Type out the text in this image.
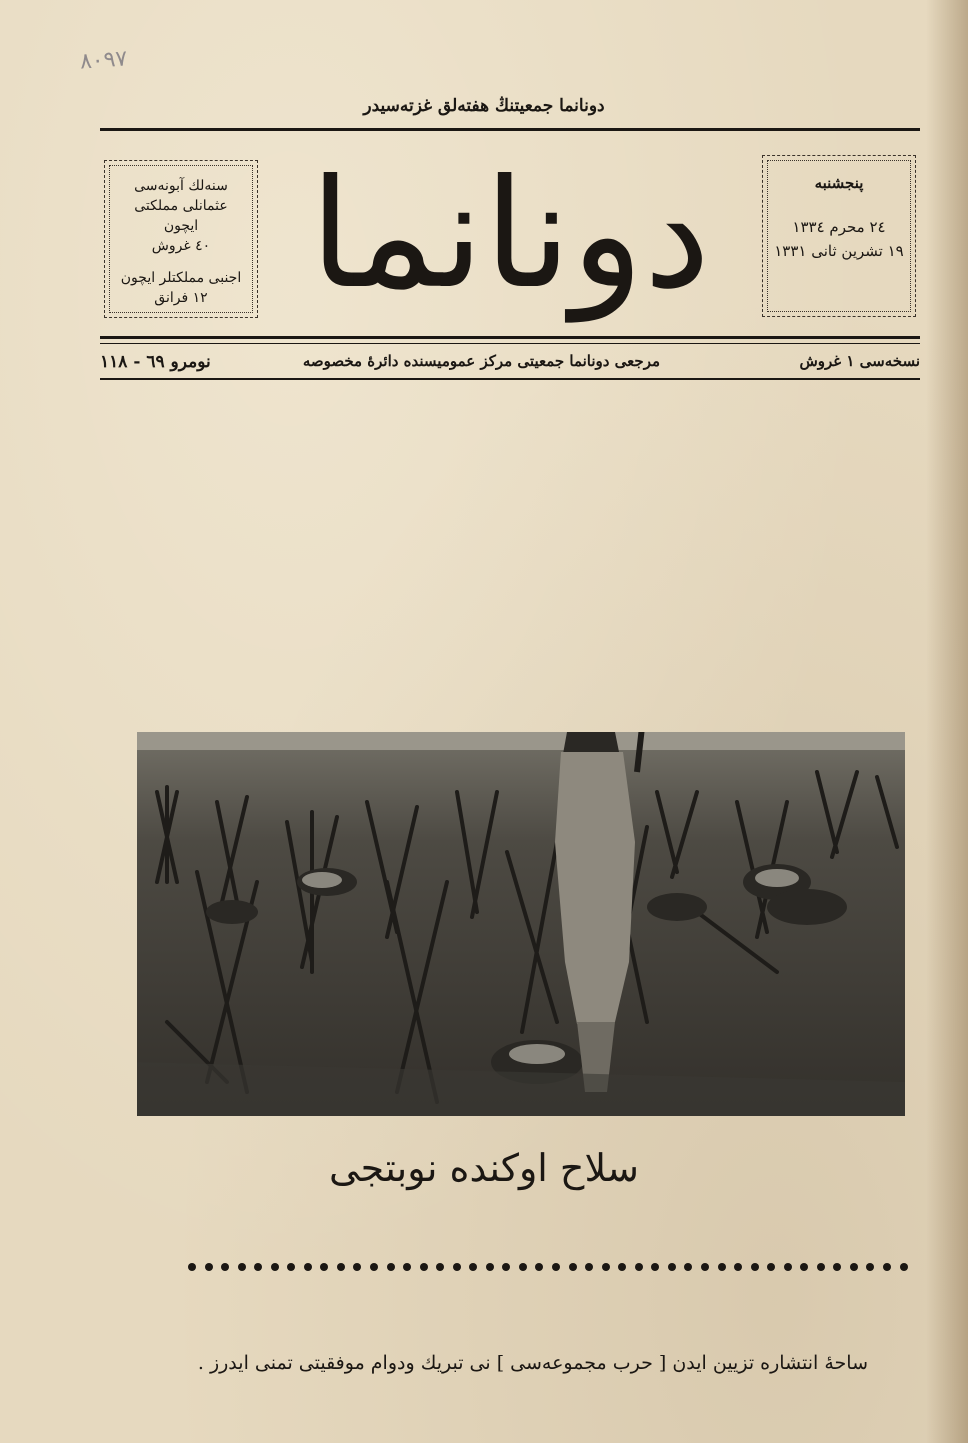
٨٠٩٧
دونانما جمعيتنڭ هفته‌لق غزته‌سيدر

سنه‌لك آبونه‌سی

عثمانلی مملكتی ايچون

٤٠ غروش

اجنبی مملكتلر ايچون

١٢ فرانق دونانما	پنجشنبه

٢٤ محرم ١٣٣٤

١٩ تشرين ثانی ١٣٣١

نسخه‌سی ١ غروش
مرجعی دونانما جمعیتی مرکز عمومیسنده دائرهٔ مخصوصه
نومرو ٦٩ - ١١٨
سلاح اوكنده نوبتجی
ساحهٔ انتشاره تزيين ايدن [ حرب مجموعه‌سی ] نی تبريك ودوام موفقيتی تمنی ايدرز .
